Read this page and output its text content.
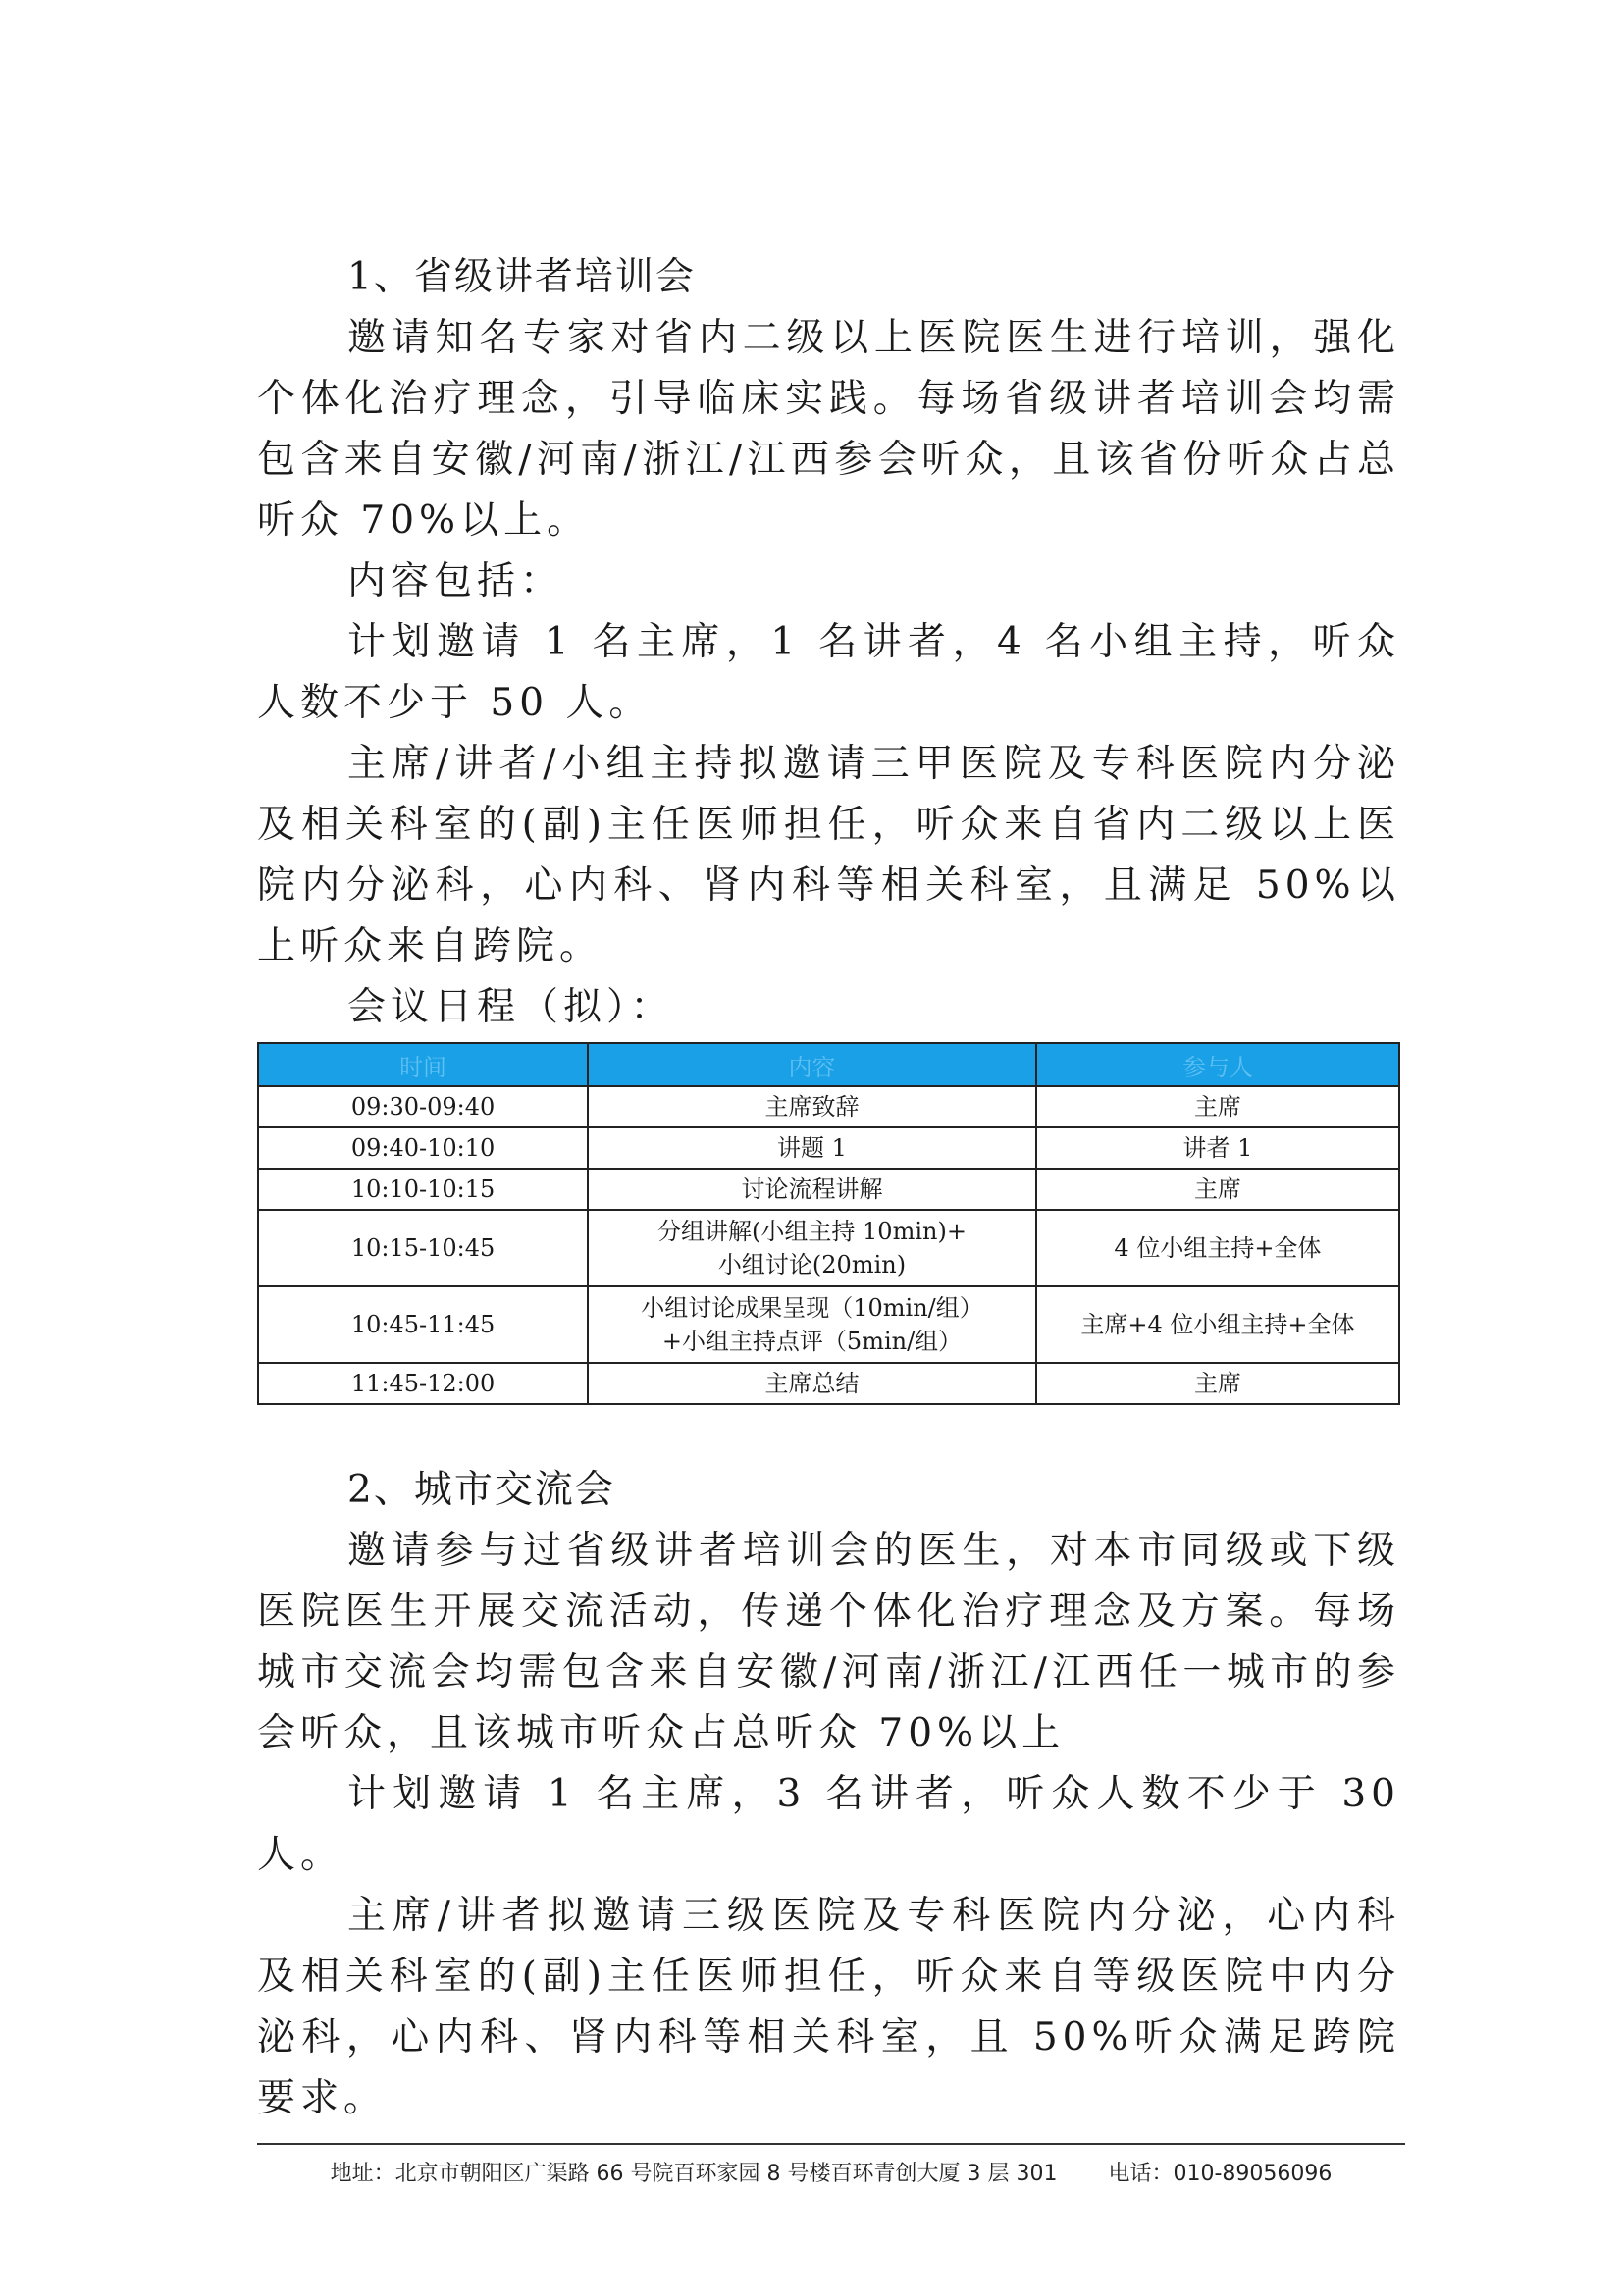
1、省级讲者培训会

邀请知名专家对省内二级以上医院医生进行培训，强化个体化治疗理念，引导临床实践。每场省级讲者培训会均需包含来自安徽/河南/浙江/江西参会听众，且该省份听众占总听众 70%以上。

内容包括：

计划邀请 1 名主席，1 名讲者，4 名小组主持，听众人数不少于 50 人。

主席/讲者/小组主持拟邀请三甲医院及专科医院内分泌及相关科室的(副)主任医师担任，听众来自省内二级以上医院内分泌科，心内科、肾内科等相关科室，且满足 50%以上听众来自跨院。

会议日程（拟）：

时间	内容	参与人
09:30-09:40	主席致辞	主席
09:40-10:10	讲题 1	讲者 1
10:10-10:15	讨论流程讲解	主席
10:15-10:45	分组讲解(小组主持 10min)+
小组讨论(20min)	4 位小组主持+全体
10:45-11:45	小组讨论成果呈现（10min/组）
+小组主持点评（5min/组）	主席+4 位小组主持+全体
11:45-12:00	主席总结	主席

2、城市交流会

邀请参与过省级讲者培训会的医生，对本市同级或下级医院医生开展交流活动，传递个体化治疗理念及方案。每场城市交流会均需包含来自安徽/河南/浙江/江西任一城市的参会听众，且该城市听众占总听众 70%以上

计划邀请 1 名主席，3 名讲者，听众人数不少于 30 人。

主席/讲者拟邀请三级医院及专科医院内分泌，心内科及相关科室的(副)主任医师担任，听众来自等级医院中内分泌科，心内科、肾内科等相关科室，且 50%听众满足跨院要求。

地址：北京市朝阳区广渠路 66 号院百环家园 8 号楼百环青创大厦 3 层 301 电话：010-89056096
